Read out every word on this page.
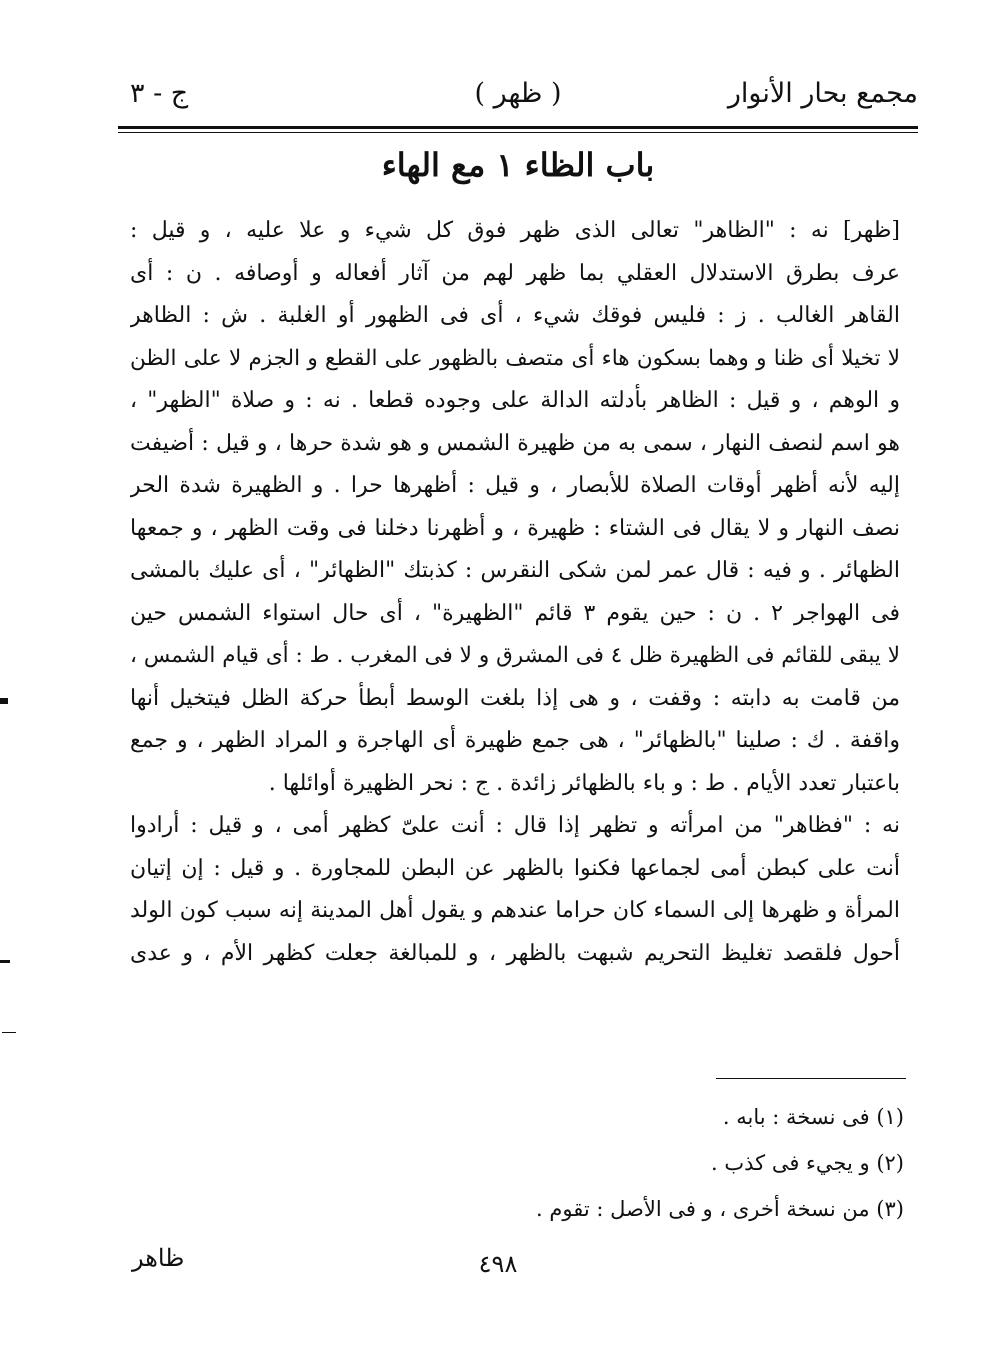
مجمع بحار الأنوار
( ظهر )
ج - ٣
باب الظاء ١ مع الهاء
[ظهر] نه : "الظاهر" تعالى الذى ظهر فوق كل شيء و علا عليه ، و قيل :
عرف بطرق الاستدلال العقلي بما ظهر لهم من آثار أفعاله و أوصافه . ن : أى
القاهر الغالب . ز : فليس فوقك شيء ، أى فى الظهور أو الغلبة . ش : الظاهر
لا تخيلا أى ظنا و وهما بسكون هاء أى متصف بالظهور على القطع و الجزم لا على الظن
و الوهم ، و قيل : الظاهر بأدلته الدالة على وجوده قطعا . نه : و صلاة "الظهر" ،
هو اسم لنصف النهار ، سمى به من ظهيرة الشمس و هو شدة حرها ، و قيل : أضيفت
إليه لأنه أظهر أوقات الصلاة للأبصار ، و قيل : أظهرها حرا . و الظهيرة شدة الحر
نصف النهار و لا يقال فى الشتاء : ظهيرة ، و أظهرنا دخلنا فى وقت الظهر ، و جمعها
الظهائر . و فيه : قال عمر لمن شكى النقرس : كذبتك "الظهائر" ، أى عليك بالمشى
فى الهواجر ٢ . ن : حين يقوم ٣ قائم "الظهيرة" ، أى حال استواء الشمس حين
لا يبقى للقائم فى الظهيرة ظل ٤ فى المشرق و لا فى المغرب . ط : أى قيام الشمس ،
من قامت به دابته : وقفت ، و هى إذا بلغت الوسط أبطأ حركة الظل فيتخيل أنها
واقفة . ك : صلينا "بالظهائر" ، هى جمع ظهيرة أى الهاجرة و المراد الظهر ، و جمع
باعتبار تعدد الأيام . ط : و باء بالظهائر زائدة . ج : نحر الظهيرة أوائلها .
نه : "فظاهر" من امرأته و تظهر إذا قال : أنت علىّ كظهر أمى ، و قيل : أرادوا
أنت على كبطن أمى لجماعها فكنوا بالظهر عن البطن للمجاورة . و قيل : إن إتيان
المرأة و ظهرها إلى السماء كان حراما عندهم و يقول أهل المدينة إنه سبب كون الولد
أحول فلقصد تغليظ التحريم شبهت بالظهر ، و للمبالغة جعلت كظهر الأم ، و عدى
(١) فى نسخة : بابه .
(٢) و يجيء فى كذب .
(٣) من نسخة أخرى ، و فى الأصل : تقوم .
٤٩٨
ظاهر
